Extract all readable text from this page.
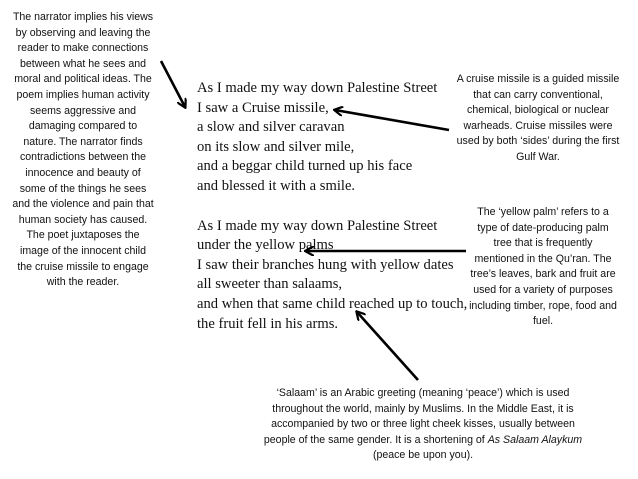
The narrator implies his views by observing and leaving the reader to make connections between what he sees and moral and political ideas. The poem implies human activity seems aggressive and damaging compared to nature. The narrator finds contradictions between the innocence and beauty of some of the things he sees and the violence and pain that human society has caused. The poet juxtaposes the image of the innocent child the cruise missile to engage with the reader.
A cruise missile is a guided missile that can carry conventional, chemical, biological or nuclear warheads. Cruise missiles were used by both ‘sides’ during the first Gulf War.
The ‘yellow palm’ refers to a type of date-producing palm tree that is frequently mentioned in the Qu’ran. The tree’s leaves, bark and fruit are used for a variety of purposes including timber, rope, food and fuel.
‘Salaam’ is an Arabic greeting (meaning ‘peace’) which is used throughout the world, mainly by Muslims. In the Middle East, it is accompanied by two or three light cheek kisses, usually between people of the same gender. It is a shortening of As Salaam Alaykum (peace be upon you).
As I made my way down Palestine Street
I saw a Cruise missile,
a slow and silver caravan
on its slow and silver mile,
and a beggar child turned up his face
and blessed it with a smile.
As I made my way down Palestine Street
under the yellow palms
I saw their branches hung with yellow dates
all sweeter than salaams,
and when that same child reached up to touch,
the fruit fell in his arms.
